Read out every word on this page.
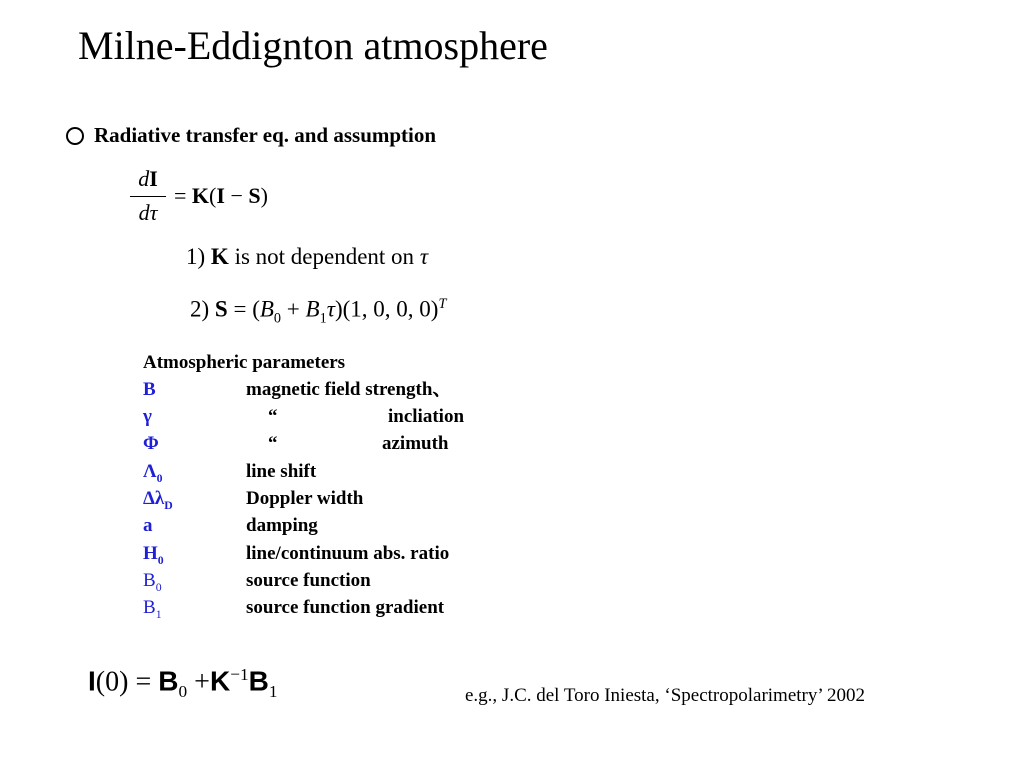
Milne-Eddignton atmosphere
Radiative transfer eq. and assumption
dI
dτ
= K(I − S)
1) K is not dependent on τ
2) $S = (B_0 + B_1\tau)(1$, 0, 0, 0)$^T$
Atmospheric parameters
B	magnetic field strength、
γ	“	incliation
Φ	“	azimuth
$\Lambda_0$	line shift
$\Delta\lambda_D$	Doppler width
a	damping
$H_0$	line/continuum abs. ratio
$B_0$	source function
$B_1$	source function gradient
$I(0) = B_0 +K^{-1}B_1$	e.g., J.C. del Toro Iniesta, ‘Spectropolarimetry’ 2002
